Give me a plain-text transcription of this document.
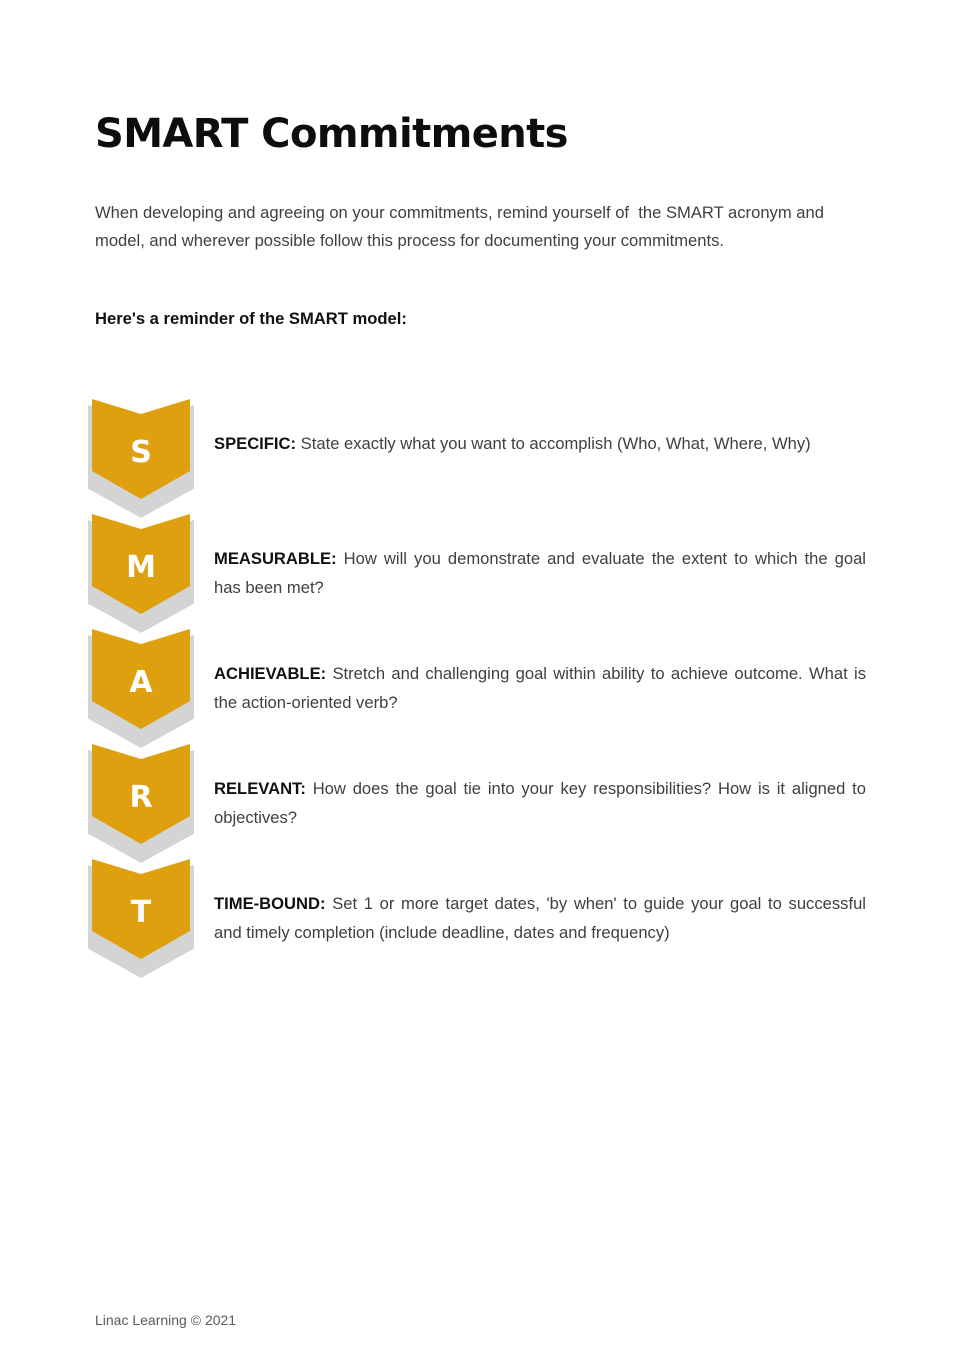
SMART Commitments

When developing and agreeing on your commitments, remind yourself of  the SMART acronym and model, and wherever possible follow this process for documenting your commitments.

Here's a reminder of the SMART model:

S	SPECIFIC: State exactly what you want to accomplish (Who, What, Where, Why)
M	MEASURABLE: How will you demonstrate and evaluate the extent to which the goal has been met?
A	ACHIEVABLE: Stretch and challenging goal within ability to achieve outcome. What is the action-oriented verb?
R	RELEVANT: How does the goal tie into your key responsibilities? How is it aligned to objectives?
T	TIME-BOUND: Set 1 or more target dates, 'by when' to guide your goal to successful and timely completion (include deadline, dates and frequency)
Linac Learning © 2021
